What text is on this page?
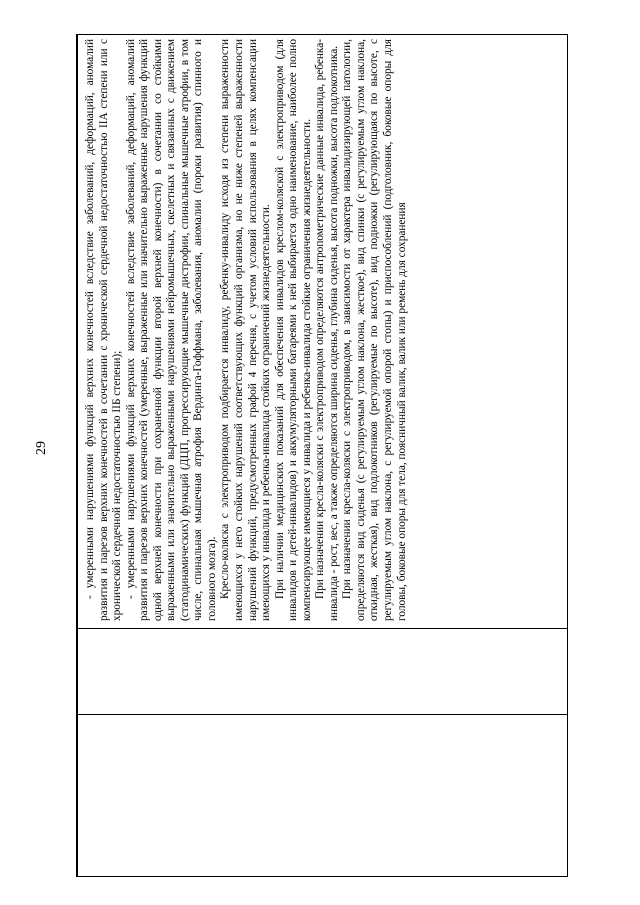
29	- умеренными нарушениями функций верхних конечностей вследствие заболеваний, деформаций, аномалий развития и парезов верхних конечностей в сочетании с хронической сердечной недостаточностью IIA степени или с хронической сердечной недостаточностью IIБ степени); - умеренными нарушениями функций верхних конечностей вследствие заболеваний, деформаций, аномалий развития и парезов верхних конечностей (умеренные, выраженные или значительно выраженные нарушения функций одной верхней конечности при сохраненной функции второй верхней конечности) в сочетании со стойкими выраженными или значительно выраженными нарушениями нейромышечных, скелетных и связанных с движением (статодинамических) функций (ДЦП, прогрессирующие мышечные дистрофии, спинальные мышечные атрофии, в том числе, спинальная мышечная атрофия Вердинга-Гоффмана, заболевания, аномалии (пороки развития) спинного и головного мозга). Кресло-коляска с электроприводом подбирается инвалиду, ребенку-инвалиду исходя из степени выраженности имеющихся у него стойких нарушений соответствующих функций организма, но не ниже степеней выраженности нарушений функций, предусмотренных графой 4 перечня, с учетом условий использования в целях компенсации имеющихся у инвалида и ребенка-инвалида стойких ограничений жизнедеятельности. При наличии медицинских показаний для обеспечения инвалидов креслом-коляской с электроприводом (для инвалидов и детей-инвалидов) и аккумуляторными батареями к ней выбирается одно наименование, наиболее полно компенсирующее имеющиеся у инвалида и ребенка-инвалида стойкие ограничения жизнедеятельности. При назначении кресла-коляски с электроприводом определяются антропометрические данные инвалида, ребенка-инвалида - рост, вес, а также определяются ширина сиденья, глубина сиденья, высота подножки, высота подлокотника. При назначении кресла-коляски с электроприводом, в зависимости от характера инвалидизирующей патологии, определяются вид сиденья (с регулируемым углом наклона, жесткое), вид спинки (с регулируемым углом наклона, откидная, жесткая), вид подлокотников (регулируемые по высоте), вид подножки (регулирующаяся по высоте, с регулируемым углом наклона, с регулируемой опорой стопы) и приспособлений (подголовник, боковые опоры для головы, боковые опоры для тела, поясничный валик, валик или ремень для сохранения
